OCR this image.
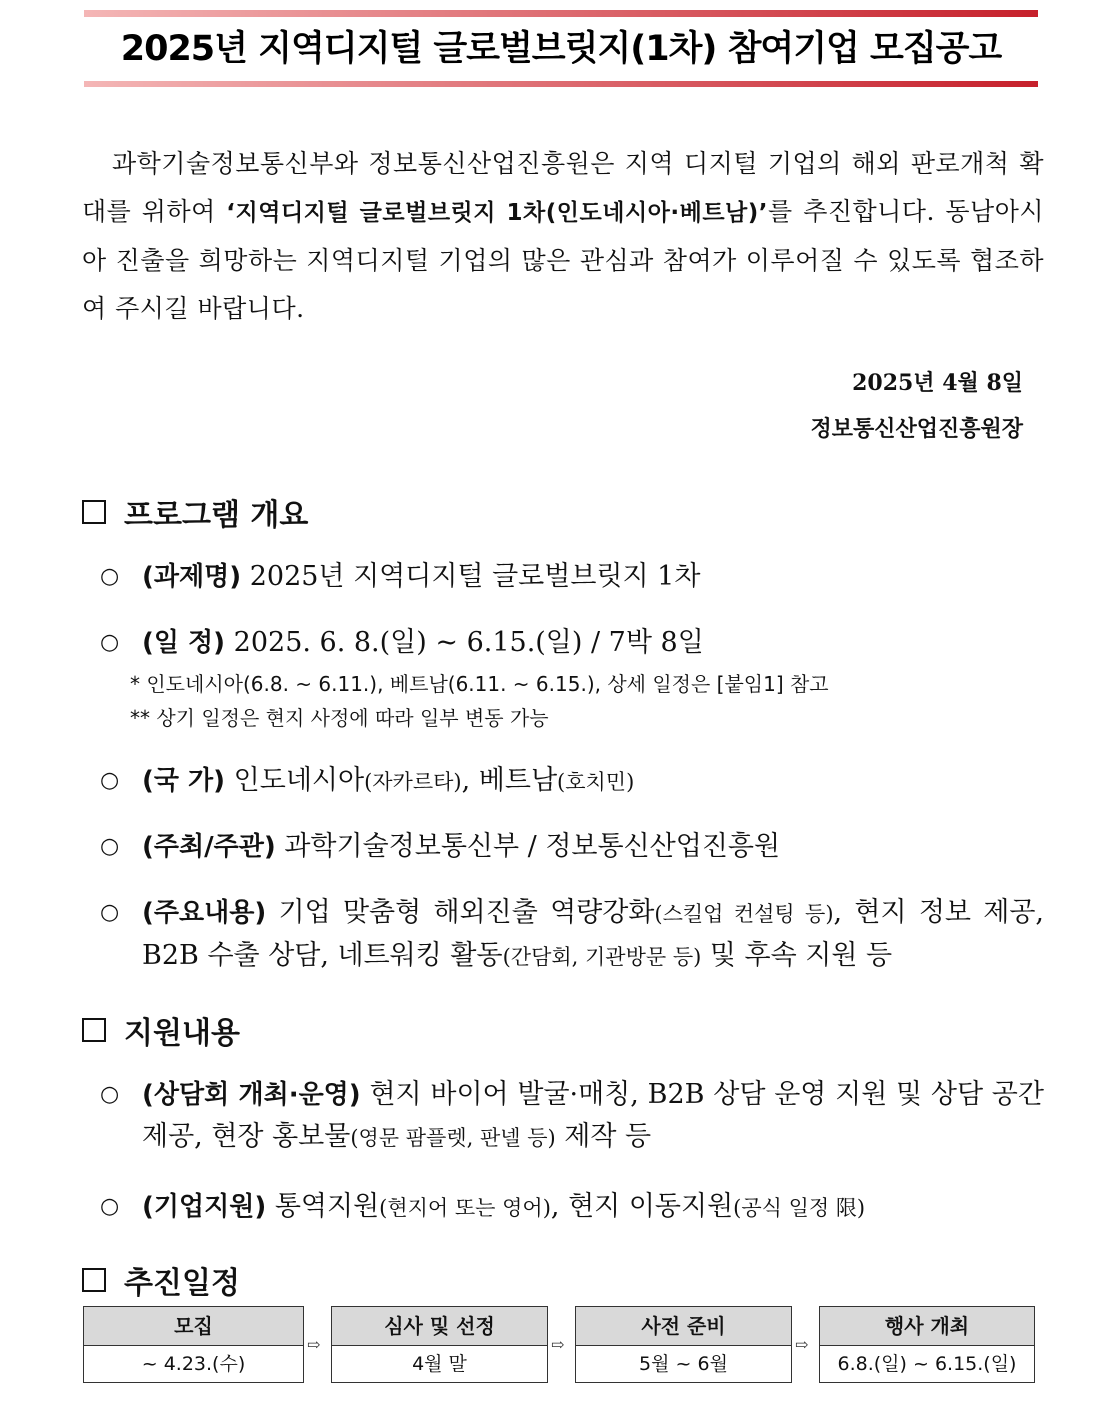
2025년 지역디지털 글로벌브릿지(1차) 참여기업 모집공고
과학기술정보통신부와 정보통신산업진흥원은 지역 디지털 기업의 해외 판로개척 확대를 위하여 ‘지역디지털 글로벌브릿지 1차(인도네시아·베트남)’를 추진합니다. 동남아시아 진출을 희망하는 지역디지털 기업의 많은 관심과 참여가 이루어질 수 있도록 협조하여 주시길 바랍니다.
2025년 4월 8일
정보통신산업진흥원장
프로그램 개요
○ (과제명) 2025년 지역디지털 글로벌브릿지 1차
○ (일 정) 2025. 6. 8.(일) ~ 6.15.(일) / 7박 8일
* 인도네시아(6.8. ~ 6.11.), 베트남(6.11. ~ 6.15.), 상세 일정은 [붙임1] 참고
** 상기 일정은 현지 사정에 따라 일부 변동 가능
○ (국 가) 인도네시아(자카르타), 베트남(호치민)
○ (주최/주관) 과학기술정보통신부 / 정보통신산업진흥원
○ (주요내용) 기업 맞춤형 해외진출 역량강화(스킬업 컨설팅 등), 현지 정보 제공, B2B 수출 상담, 네트워킹 활동(간담회, 기관방문 등) 및 후속 지원 등
지원내용
○ (상담회 개최·운영) 현지 바이어 발굴·매칭, B2B 상담 운영 지원 및 상담 공간 제공, 현장 홍보물(영문 팜플렛, 판넬 등) 제작 등
○ (기업지원) 통역지원(현지어 또는 영어), 현지 이동지원(공식 일정 限)
추진일정
모집
~ 4.23.(수)
⇨
심사 및 선정
4월 말
⇨
사전 준비
5월 ~ 6월
⇨
행사 개최
6.8.(일) ~ 6.15.(일)
